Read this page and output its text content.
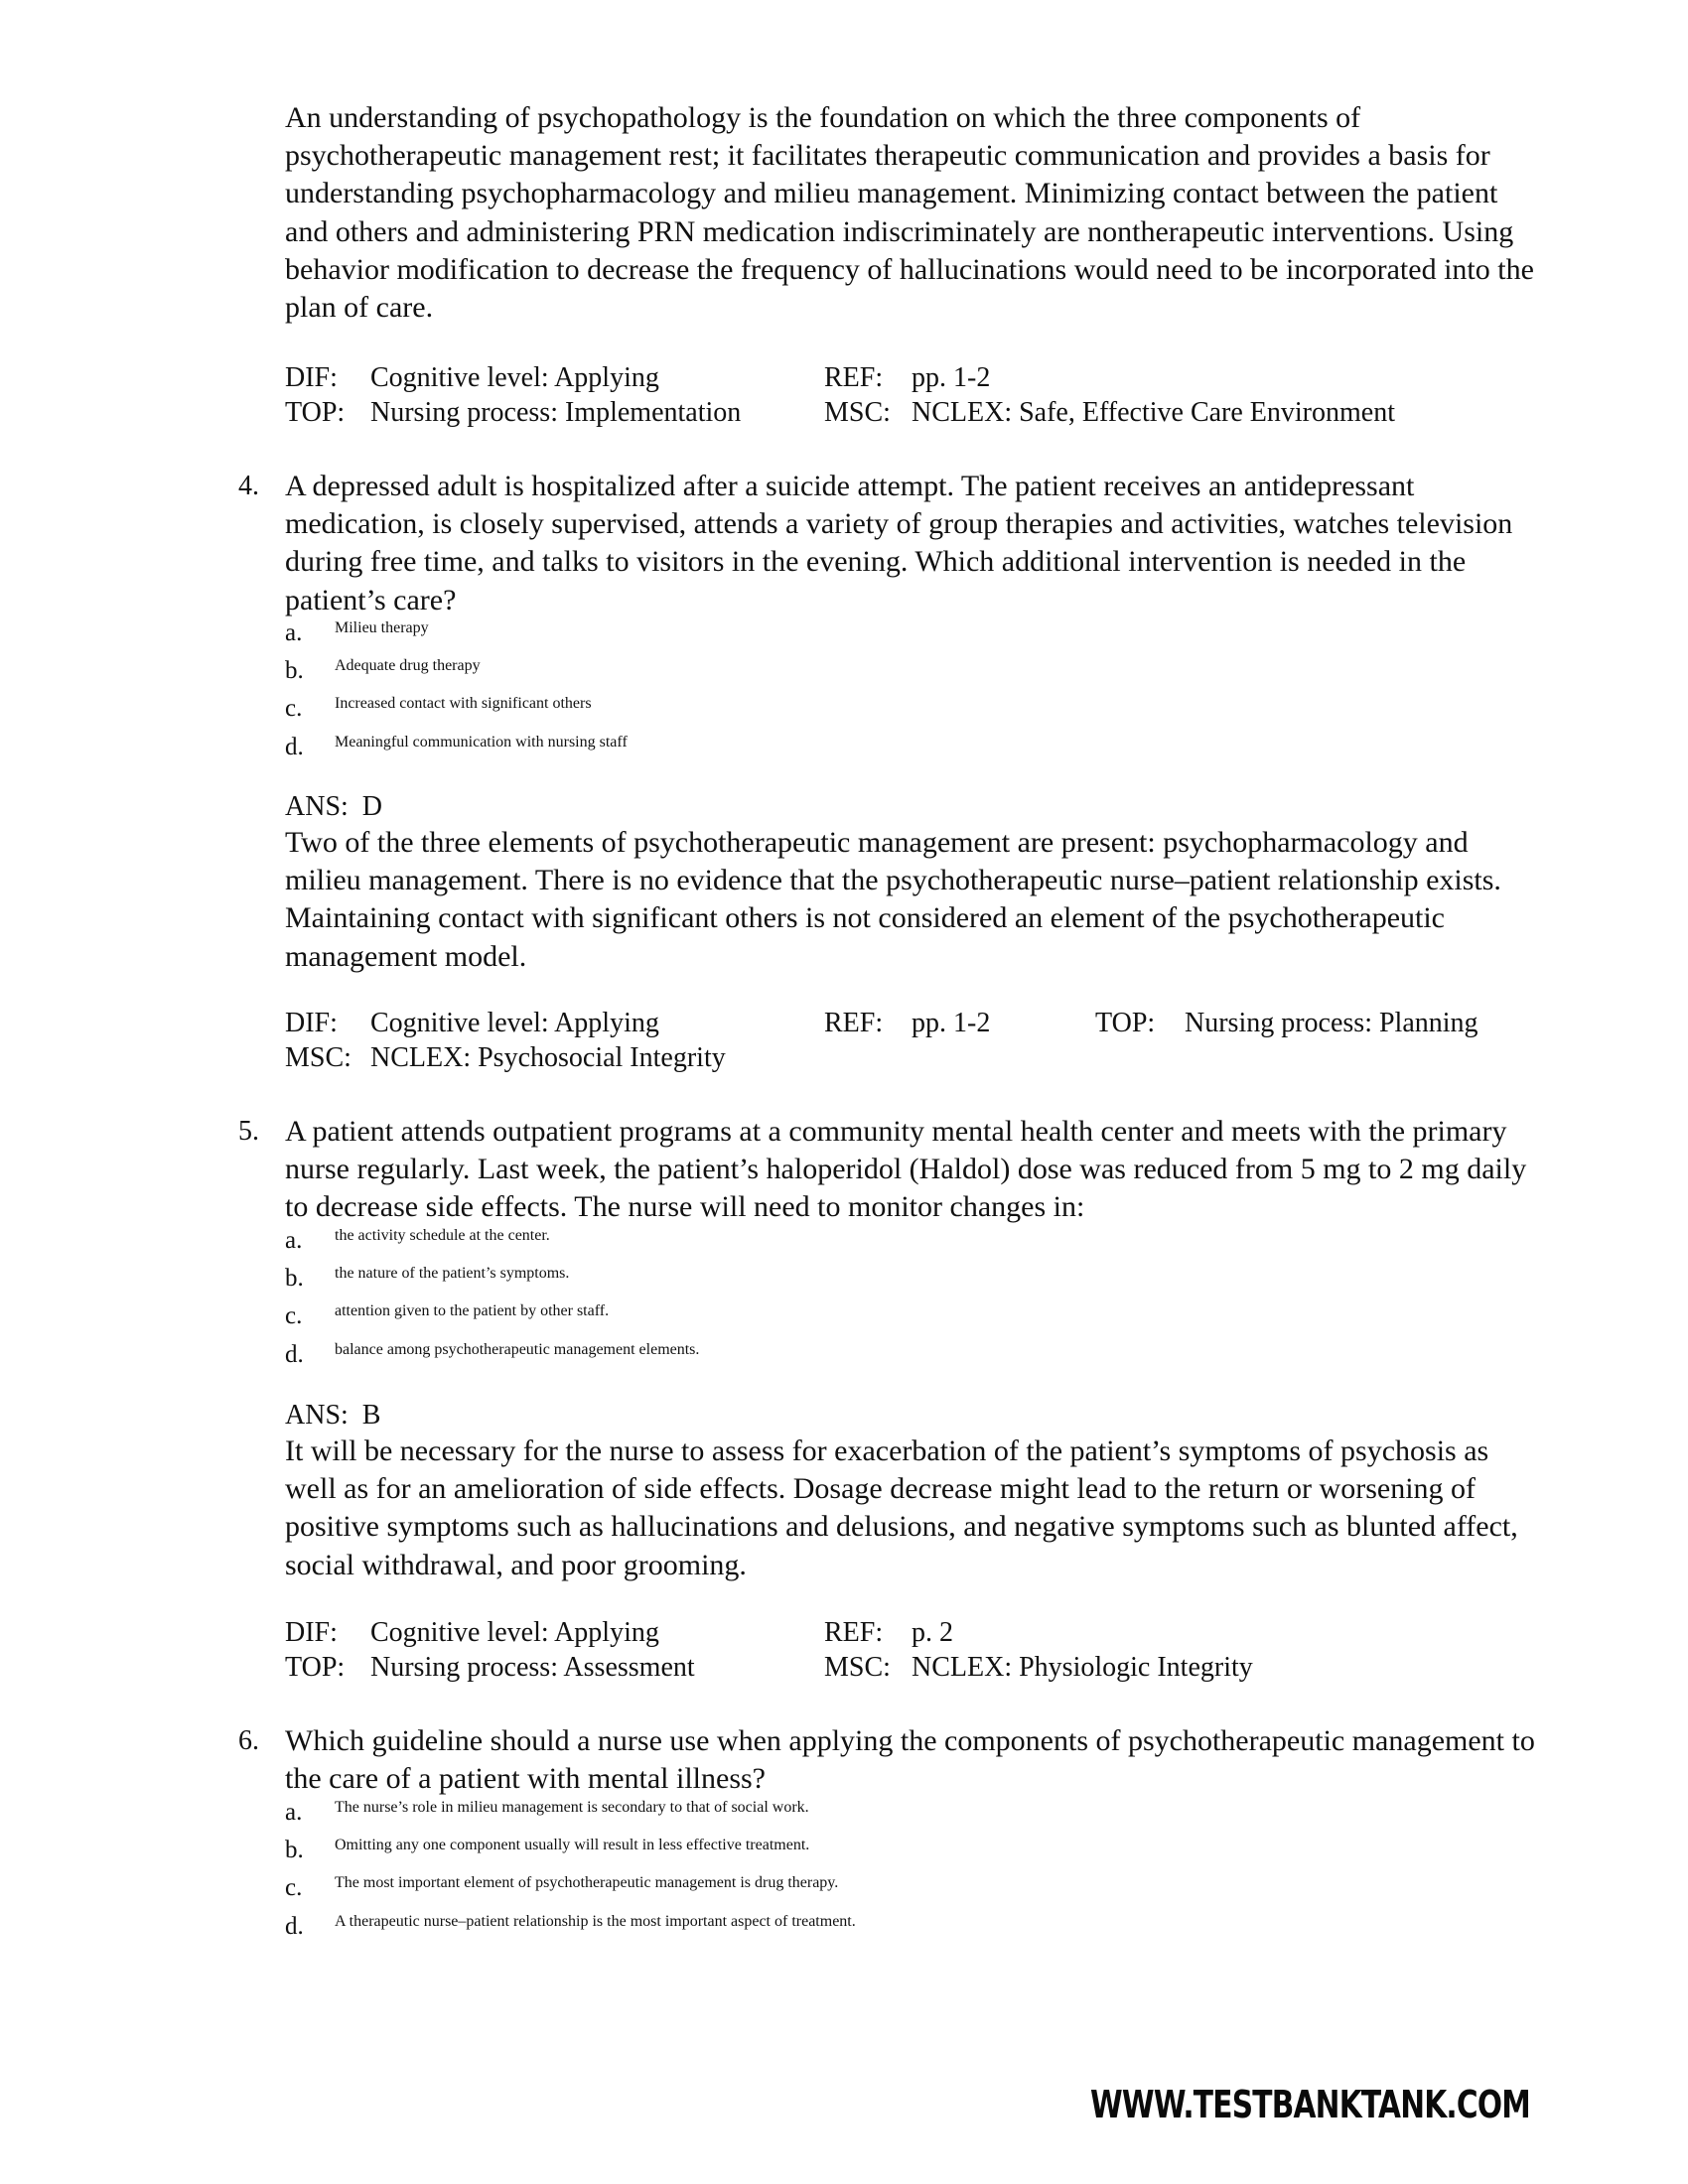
An understanding of psychopathology is the foundation on which the three components of psychotherapeutic management rest; it facilitates therapeutic communication and provides a basis for understanding psychopharmacology and milieu management. Minimizing contact between the patient and others and administering PRN medication indiscriminately are nontherapeutic interventions. Using behavior modification to decrease the frequency of hallucinations would need to be incorporated into the plan of care.
DIF: Cognitive level: Applying	REF: pp. 1-2
TOP: Nursing process: Implementation	MSC: NCLEX: Safe, Effective Care Environment
4. A depressed adult is hospitalized after a suicide attempt. The patient receives an antidepressant medication, is closely supervised, attends a variety of group therapies and activities, watches television during free time, and talks to visitors in the evening. Which additional intervention is needed in the patient’s care?
a. Milieu therapy
b. Adequate drug therapy
c. Increased contact with significant others
d. Meaningful communication with nursing staff
ANS: D
Two of the three elements of psychotherapeutic management are present: psychopharmacology and milieu management. There is no evidence that the psychotherapeutic nurse–patient relationship exists. Maintaining contact with significant others is not considered an element of the psychotherapeutic management model.
DIF: Cognitive level: Applying	REF: pp. 1-2	TOP: Nursing process: Planning
MSC: NCLEX: Psychosocial Integrity
5. A patient attends outpatient programs at a community mental health center and meets with the primary nurse regularly. Last week, the patient’s haloperidol (Haldol) dose was reduced from 5 mg to 2 mg daily to decrease side effects. The nurse will need to monitor changes in:
a. the activity schedule at the center.
b. the nature of the patient’s symptoms.
c. attention given to the patient by other staff.
d. balance among psychotherapeutic management elements.
ANS: B
It will be necessary for the nurse to assess for exacerbation of the patient’s symptoms of psychosis as well as for an amelioration of side effects. Dosage decrease might lead to the return or worsening of positive symptoms such as hallucinations and delusions, and negative symptoms such as blunted affect, social withdrawal, and poor grooming.
DIF: Cognitive level: Applying	REF: p. 2
TOP: Nursing process: Assessment	MSC: NCLEX: Physiologic Integrity
6. Which guideline should a nurse use when applying the components of psychotherapeutic management to the care of a patient with mental illness?
a. The nurse’s role in milieu management is secondary to that of social work.
b. Omitting any one component usually will result in less effective treatment.
c. The most important element of psychotherapeutic management is drug therapy.
d. A therapeutic nurse–patient relationship is the most important aspect of treatment.
WWW.TESTBANKTANK.COM
